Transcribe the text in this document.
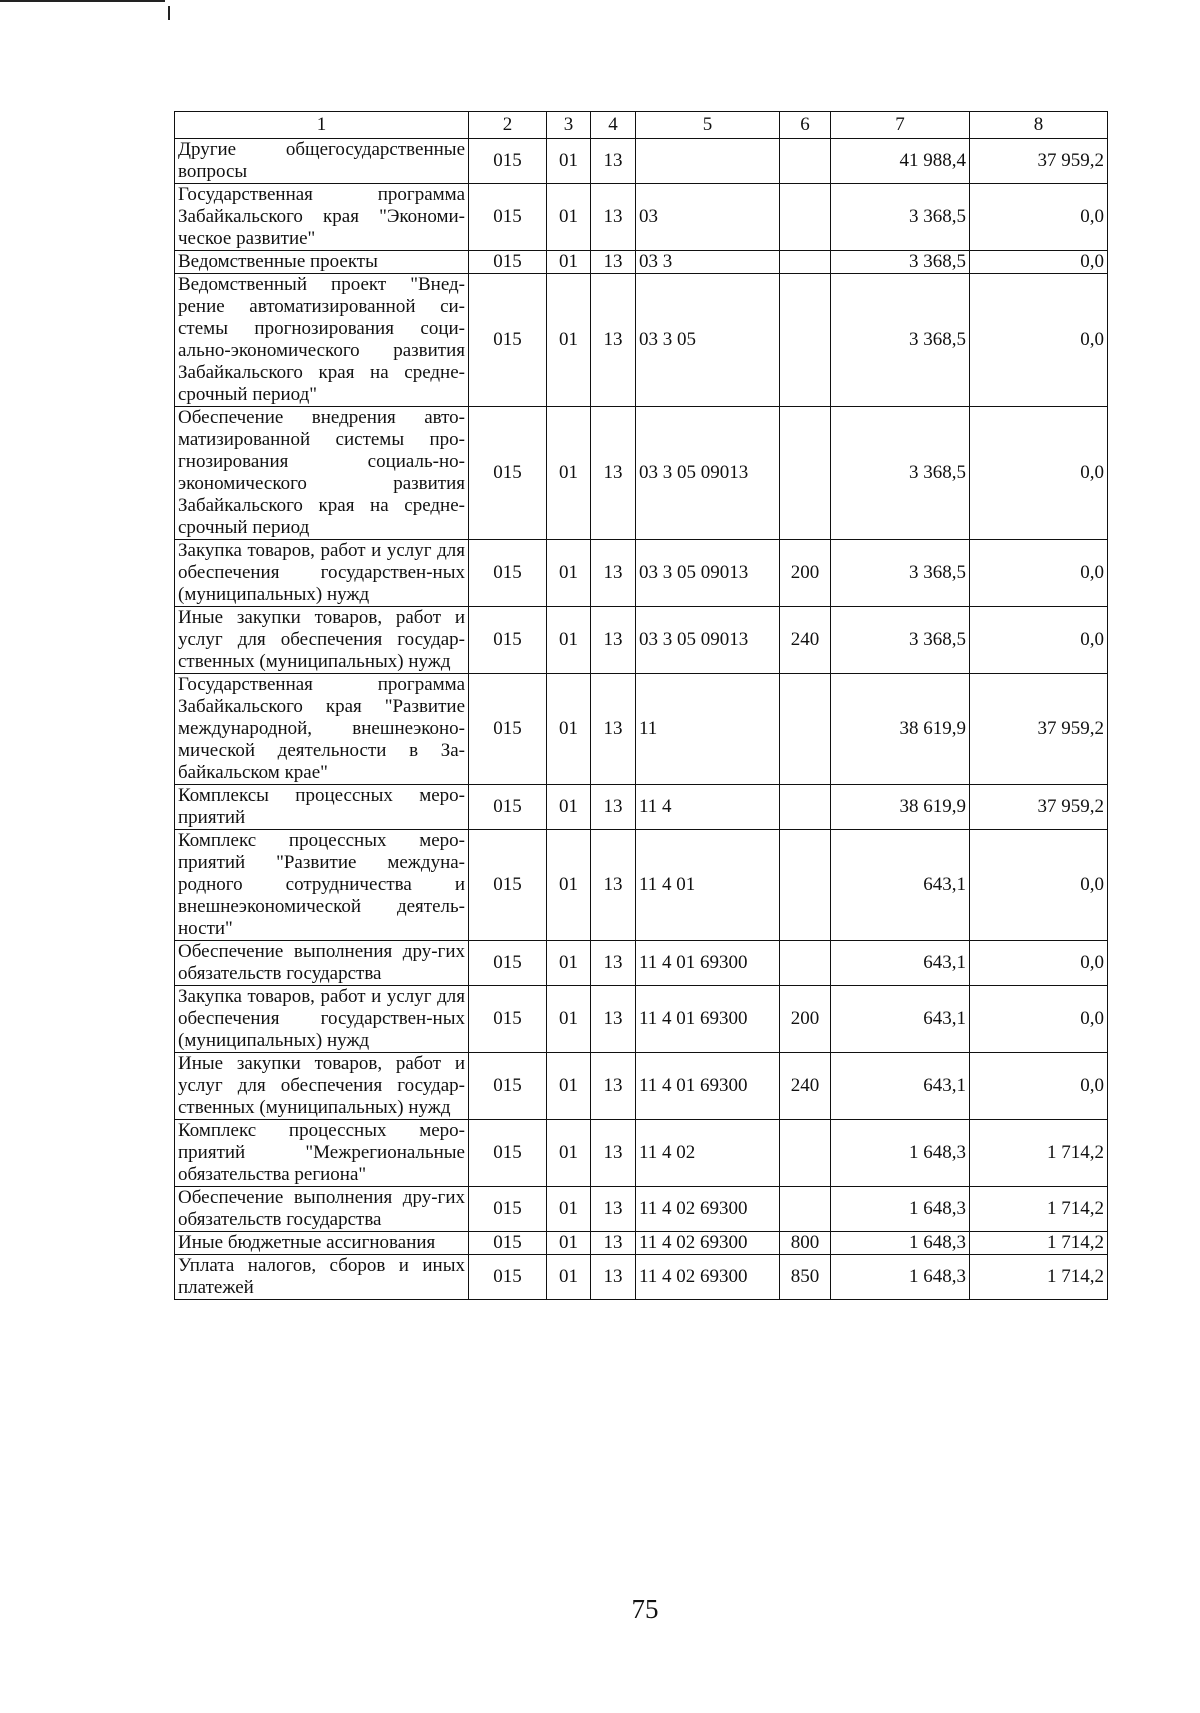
1	2	3	4	5	6	7	8
Другие общегосударственные вопросы	015	01	13			41 988,4	37 959,2
Государственная программа Забайкальского края "Экономи-ческое развитие"	015	01	13	03		3 368,5	0,0
Ведомственные проекты	015	01	13	03 3		3 368,5	0,0
Ведомственный проект "Внед-рение автоматизированной си-стемы прогнозирования соци-ально-экономического развития Забайкальского края на средне-срочный период"	015	01	13	03 3 05		3 368,5	0,0
Обеспечение внедрения авто-матизированной системы про-гнозирования социаль-но-экономического развития Забайкальского края на средне-срочный период	015	01	13	03 3 05 09013		3 368,5	0,0
Закупка товаров, работ и услуг для обеспечения государствен-ных (муниципальных) нужд	015	01	13	03 3 05 09013	200	3 368,5	0,0
Иные закупки товаров, работ и услуг для обеспечения государ-ственных (муниципальных) нужд	015	01	13	03 3 05 09013	240	3 368,5	0,0
Государственная программа Забайкальского края "Развитие международной, внешнеэконо-мической деятельности в За-байкальском крае"	015	01	13	11		38 619,9	37 959,2
Комплексы процессных меро-приятий	015	01	13	11 4		38 619,9	37 959,2
Комплекс процессных меро-приятий "Развитие междуна-родного сотрудничества и внешнеэкономической деятель-ности"	015	01	13	11 4 01		643,1	0,0
Обеспечение выполнения дру-гих обязательств государства	015	01	13	11 4 01 69300		643,1	0,0
Закупка товаров, работ и услуг для обеспечения государствен-ных (муниципальных) нужд	015	01	13	11 4 01 69300	200	643,1	0,0
Иные закупки товаров, работ и услуг для обеспечения государ-ственных (муниципальных) нужд	015	01	13	11 4 01 69300	240	643,1	0,0
Комплекс процессных меро-приятий "Межрегиональные обязательства региона"	015	01	13	11 4 02		1 648,3	1 714,2
Обеспечение выполнения дру-гих обязательств государства	015	01	13	11 4 02 69300		1 648,3	1 714,2
Иные бюджетные ассигнования	015	01	13	11 4 02 69300	800	1 648,3	1 714,2
Уплата налогов, сборов и иных платежей	015	01	13	11 4 02 69300	850	1 648,3	1 714,2
75
